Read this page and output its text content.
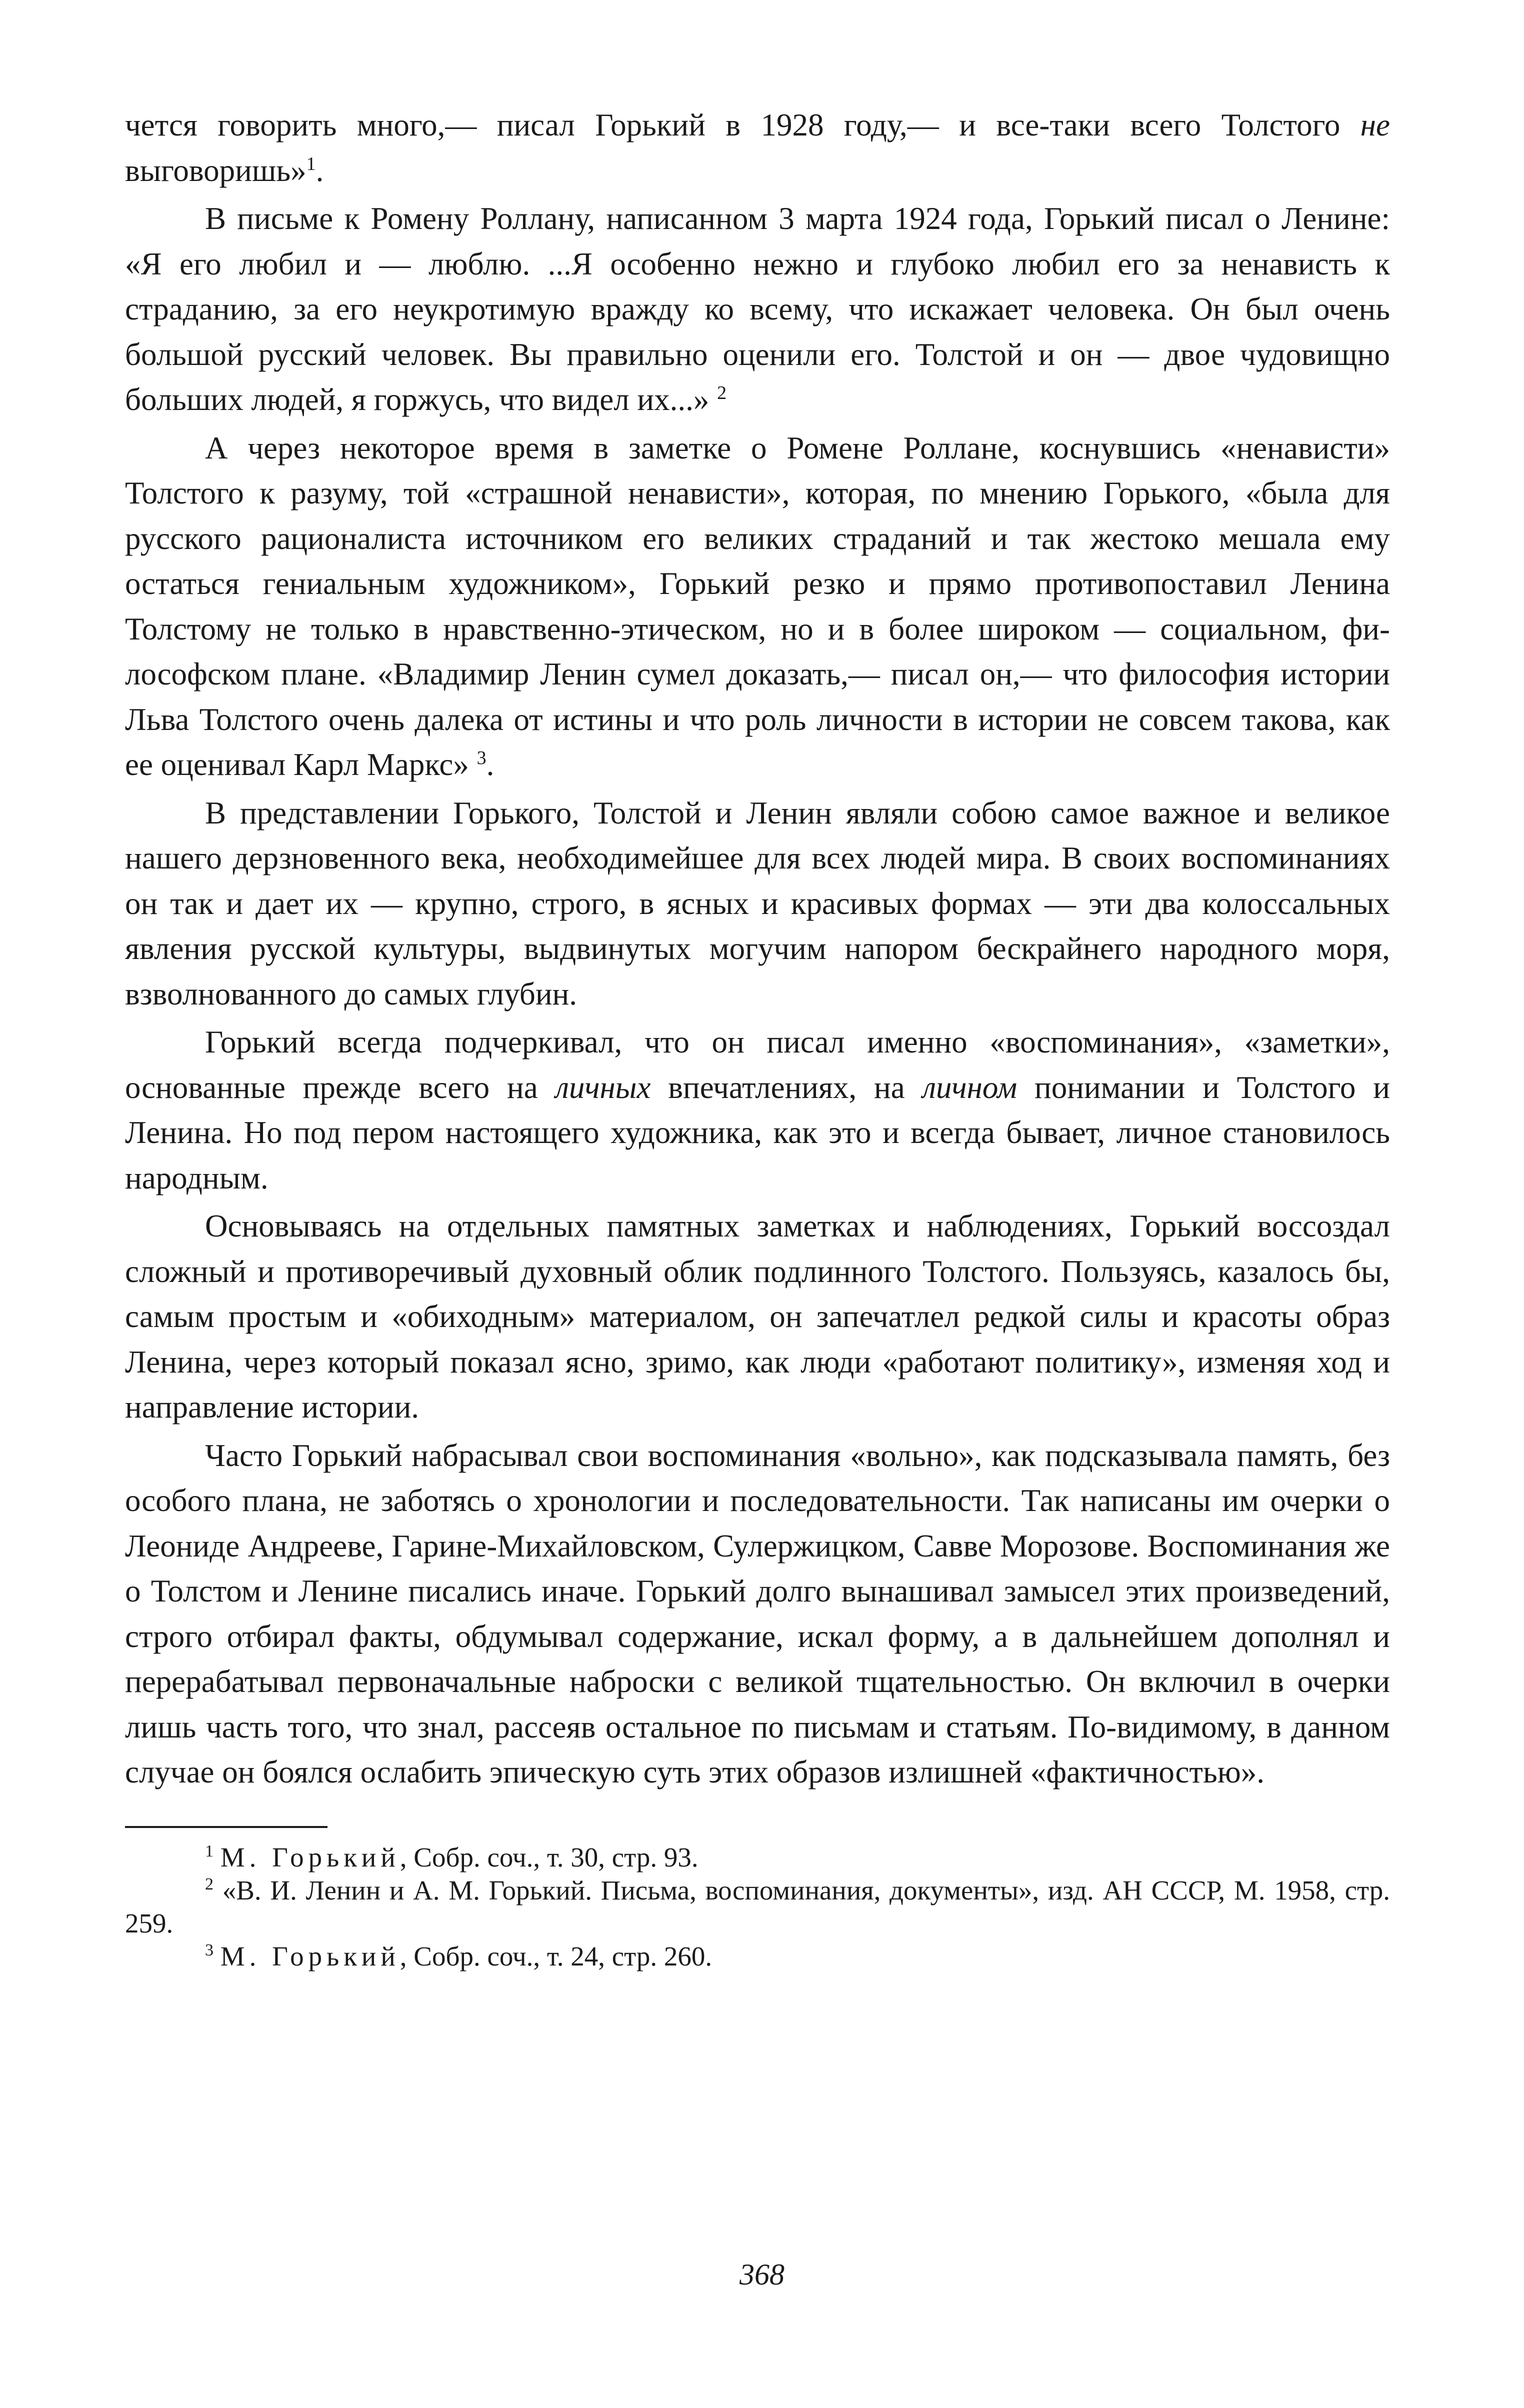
чется говорить много,— писал Горький в 1928 году,— и все-таки всего Толстого не выговоришь»$^1$.

В письме к Ромену Роллану, написанном 3 марта 1924 года, Горький писал о Ленине: «Я его любил и — люблю. ...Я особенно нежно и глубоко любил его за ненависть к страданию, за его неукротимую вражду ко всему, что искажает человека. Он был очень большой русский человек. Вы правильно оценили его. Толстой и он — двое чудовищно больших людей, я горжусь, что видел их...» $^2$

А через некоторое время в заметке о Ромене Роллане, коснувшись «ненависти» Толстого к разуму, той «страшной ненависти», которая, по мнению Горького, «была для русского рационалиста источником его великих страданий и так жестоко мешала ему остаться гениальным художником», Горький резко и прямо противопоставил Ленина Толстому не только в нравственно-этическом, но и в более широком — социальном, философском плане. «Владимир Ленин сумел доказать,— писал он,— что философия истории Льва Толстого очень далека от истины и что роль личности в истории не совсем такова, как ее оценивал Карл Маркс» $^3$.

В представлении Горького, Толстой и Ленин являли собою самое важное и великое нашего дерзновенного века, необходимейшее для всех людей мира. В своих воспоминаниях он так и дает их — крупно, строго, в ясных и красивых формах — эти два колоссальных явления русской культуры, выдвинутых могучим напором бескрайнего народного моря, взволнованного до самых глубин.

Горький всегда подчеркивал, что он писал именно «воспоминания», «заметки», основанные прежде всего на личных впечатлениях, на личном понимании и Толстого и Ленина. Но под пером настоящего художника, как это и всегда бывает, личное становилось народным.

Основываясь на отдельных памятных заметках и наблюдениях, Горький воссоздал сложный и противоречивый духовный облик подлинного Толстого. Пользуясь, казалось бы, самым простым и «обиходным» материалом, он запечатлел редкой силы и красоты образ Ленина, через который показал ясно, зримо, как люди «работают политику», изменяя ход и направление истории.

Часто Горький набрасывал свои воспоминания «вольно», как подсказывала память, без особого плана, не заботясь о хронологии и последовательности. Так написаны им очерки о Леониде Андрееве, Гарине-Михайловском, Сулержицком, Савве Морозове. Воспоминания же о Толстом и Ленине писались иначе. Горький долго вынашивал замысел этих произведений, строго отбирал факты, обдумывал содержание, искал форму, а в дальнейшем дополнял и перерабатывал первоначальные наброски с великой тщательностью. Он включил в очерки лишь часть того, что знал, рассеяв остальное по письмам и статьям. По-видимому, в данном случае он боялся ослабить эпическую суть этих образов излишней «фактичностью».

$^1$ М. Горький, Собр. соч., т. 30, стр. 93.

$^2$ «В. И. Ленин и А. М. Горький. Письма, воспоминания, документы», изд. АН СССР, М. 1958, стр. 259.

$^3$ М. Горький, Собр. соч., т. 24, стр. 260.

368
